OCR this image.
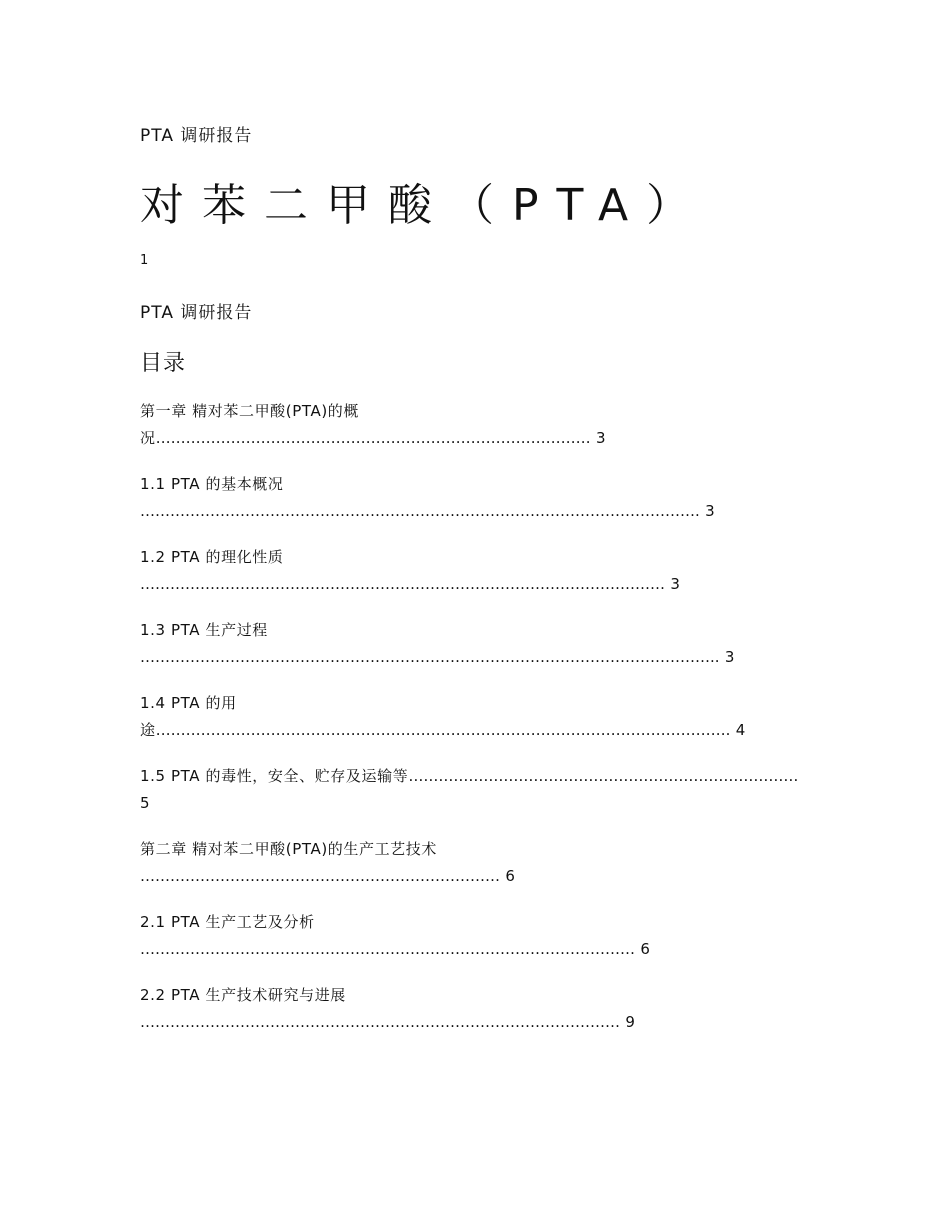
PTA 调研报告
对苯二甲酸（PTA）
1
PTA 调研报告
目录
第一章 精对苯二甲酸(PTA)的概
况…………………………………………………………………………… 3
1.1 PTA 的基本概况
…………………………………………………………………………………………………. 3
1.2 PTA 的理化性质
…………………………………………………………………………………………… 3
1.3 PTA 生产过程
…………………………………………………………………………………………………….. 3
1.4 PTA 的用途……………………………………………………………………………………………………. 4
1.5 PTA 的毒性，安全、贮存及运输等…………………………………………………………………… 5
第二章 精对苯二甲酸(PTA)的生产工艺技术
……………………………………………………………… 6
2.1 PTA 生产工艺及分析
……………………………………………………………………………………… 6
2.2 PTA 生产技术研究与进展
…………………………………………………………………………………… 9
